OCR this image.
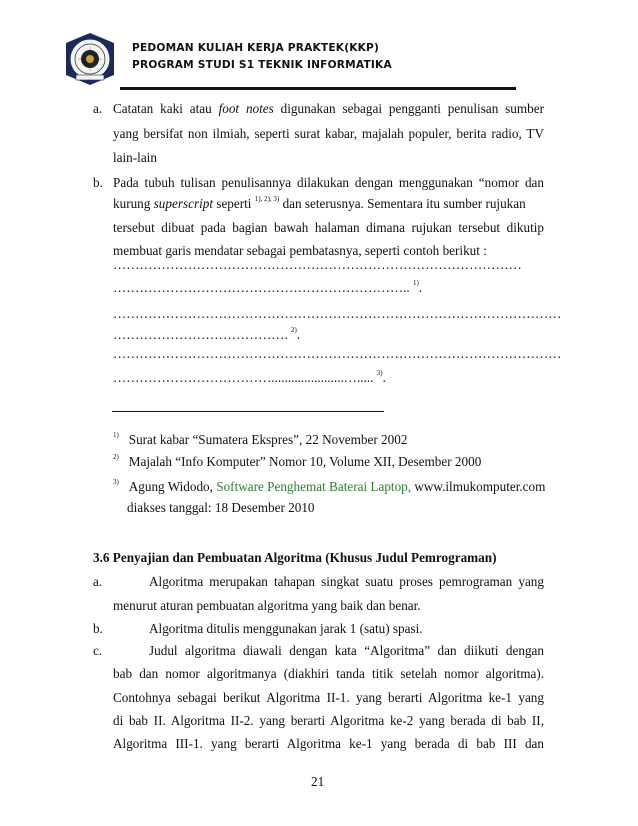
PEDOMAN KULIAH KERJA PRAKTEK(KKP)
PROGRAM STUDI S1 TEKNIK INFORMATIKA
a. Catatan kaki atau foot notes digunakan sebagai pengganti penulisan sumber
yang bersifat non ilmiah, seperti surat kabar, majalah populer, berita radio, TV
lain-lain
b. Pada tubuh tulisan penulisannya dilakukan dengan menggunakan “nomor dan
kurung superscript seperti $^{1), 2), 3)}$ dan seterusnya. Sementara itu sumber rujukan
tersebut dibuat pada bagian bawah halaman dimana rujukan tersebut dikutip
membuat garis mendatar sebagai pembatasnya, seperti contoh berikut :
…………………………………………………………………………………
………………………………………………………….. $^{1)}$.
…………………………………………………………………………………………
…………………………………. $^{2)}$.
…………………………………………………………………………………………
………………………………......................…..... $^{3)}$.
$^{1)}$ Surat kabar “Sumatera Ekspres”, 22 November 2002
$^{2)}$ Majalah “Info Komputer” Nomor 10, Volume XII, Desember 2000
$^{3)}$ Agung Widodo, Software Penghemat Baterai Laptop, www.ilmukomputer.com
diakses tanggal: 18 Desember 2010
3.6 Penyajian dan Pembuatan Algoritma (Khusus Judul Pemrograman)
a.	Algoritma merupakan tahapan singkat suatu proses pemrograman yang
menurut aturan pembuatan algoritma yang baik dan benar.
b.	Algoritma ditulis menggunakan jarak 1 (satu) spasi.
c.	Judul algoritma diawali dengan kata “Algoritma” dan diikuti dengan
bab dan nomor algoritmanya (diakhiri tanda titik setelah nomor algoritma).
Contohnya sebagai berikut Algoritma II-1. yang berarti Algoritma ke-1 yang
di bab II. Algoritma II-2. yang berarti Algoritma ke-2 yang berada di bab II,
Algoritma III-1. yang berarti Algoritma ke-1 yang berada di bab III dan
21
